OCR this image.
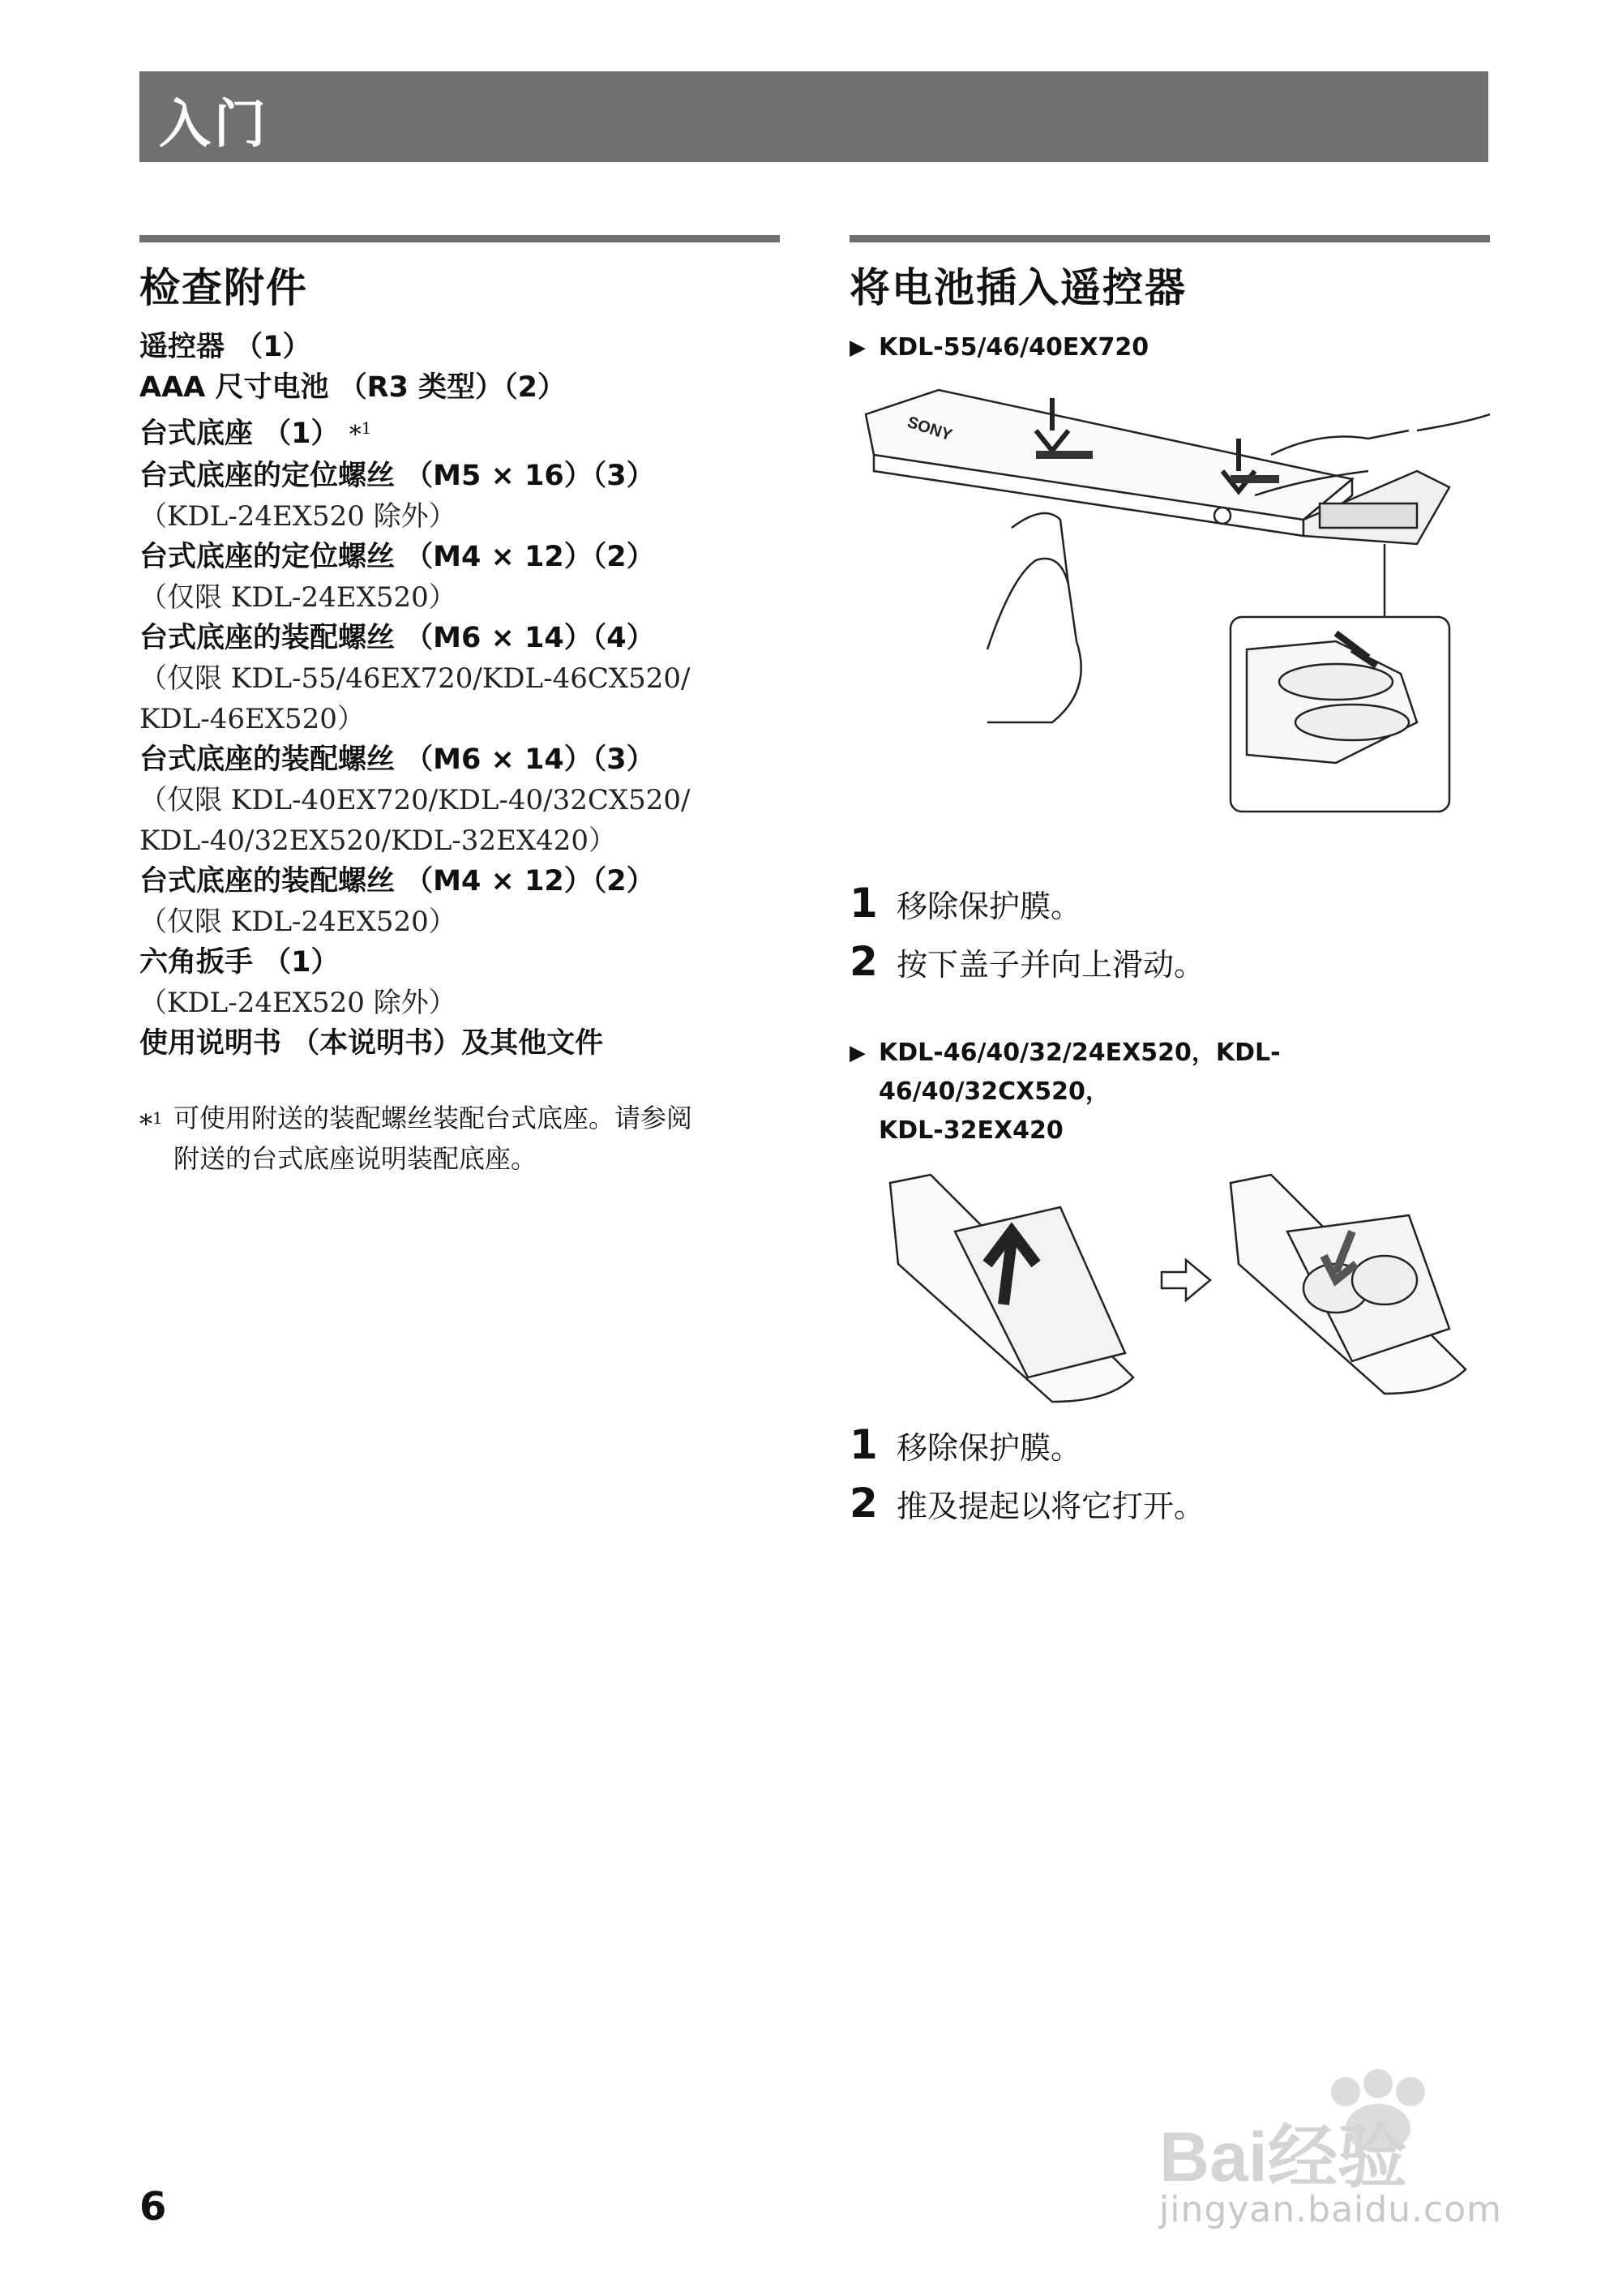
入门
检查附件
遥控器 （1）
AAA 尺寸电池 （R3 类型）（2）
台式底座 （1） *$^1$
台式底座的定位螺丝 （M5 × 16）（3）
（KDL-24EX520 除外）
台式底座的定位螺丝 （M4 × 12）（2）
（仅限 KDL-24EX520）
台式底座的装配螺丝 （M6 × 14）（4）
（仅限 KDL-55/46EX720/KDL-46CX520/
KDL-46EX520）
台式底座的装配螺丝 （M6 × 14）（3）
（仅限 KDL-40EX720/KDL-40/32CX520/
KDL-40/32EX520/KDL-32EX420）
台式底座的装配螺丝 （M4 × 12）（2）
（仅限 KDL-24EX520）
六角扳手 （1）
（KDL-24EX520 除外）
使用说明书 （本说明书）及其他文件
*$^1$ 可使用附送的装配螺丝装配台式底座。请参阅
附送的台式底座说明装配底座。
将电池插入遥控器
▶ KDL-55/46/40EX720
SONY
1 移除保护膜。
2 按下盖子并向上滑动。
▶ KDL-46/40/32/24EX520，KDL-46/40/32CX520，
KDL-32EX420
1 移除保护膜。
2 推及提起以将它打开。
6
Bai经验
jingyan.baidu.com
